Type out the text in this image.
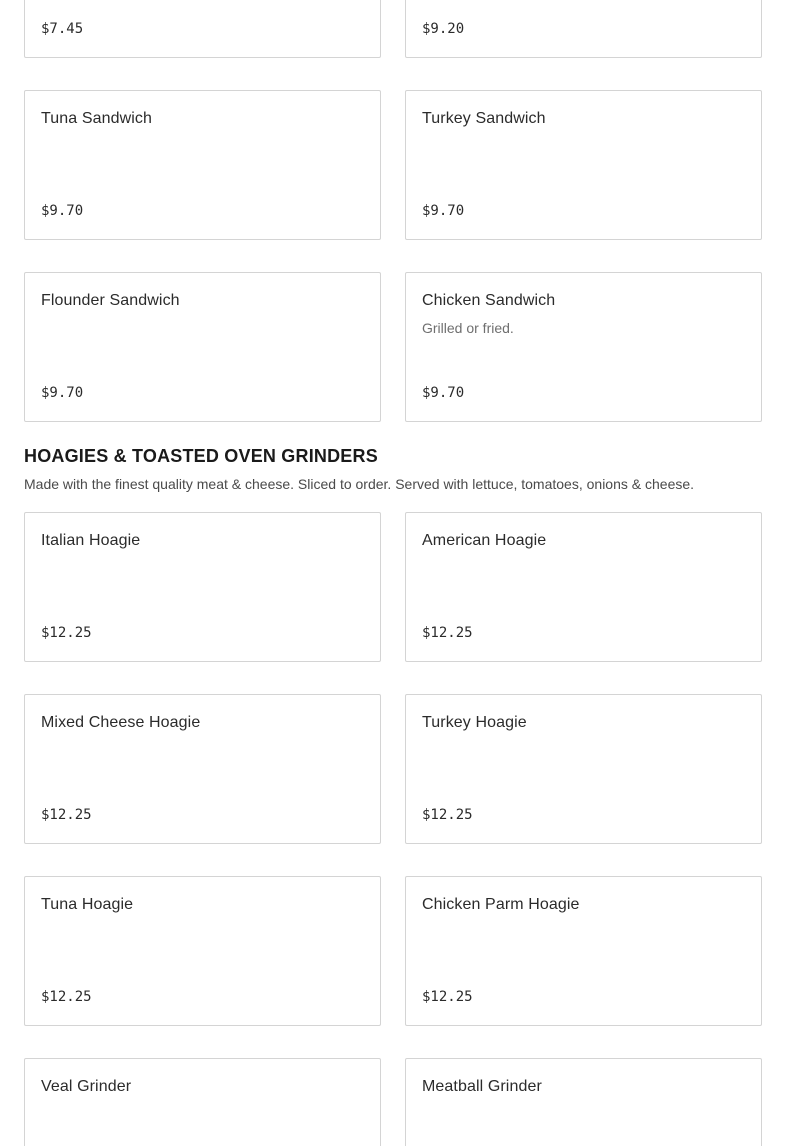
$7.45	$9.20
Tuna Sandwich
$9.70
Turkey Sandwich
$9.70
Flounder Sandwich
$9.70
Chicken Sandwich
Grilled or fried.
$9.70
HOAGIES & TOASTED OVEN GRINDERS

Made with the finest quality meat & cheese. Sliced to order. Served with lettuce, tomatoes, onions & cheese.

Italian Hoagie
$12.25
American Hoagie
$12.25
Mixed Cheese Hoagie
$12.25
Turkey Hoagie
$12.25
Tuna Hoagie
$12.25
Chicken Parm Hoagie
$12.25
Veal Grinder	Meatball Grinder
